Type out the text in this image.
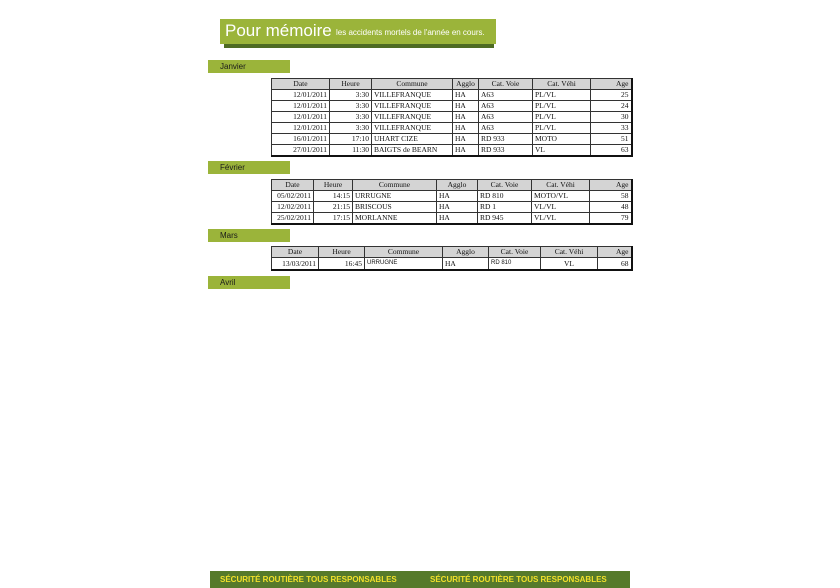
Pour mémoire les accidents mortels de l'année en cours.
Janvier
Date	Heure	Commune	Agglo	Cat. Voie	Cat. Véhi	Age
12/01/2011	3:30	VILLEFRANQUE	HA	A63	PL/VL	25
12/01/2011	3:30	VILLEFRANQUE	HA	A63	PL/VL	24
12/01/2011	3:30	VILLEFRANQUE	HA	A63	PL/VL	30
12/01/2011	3:30	VILLEFRANQUE	HA	A63	PL/VL	33
16/01/2011	17:10	UHART CIZE	HA	RD 933	MOTO	51
27/01/2011	11:30	BAIGTS de BEARN	HA	RD 933	VL	63
Février
Date	Heure	Commune	Agglo	Cat. Voie	Cat. Véhi	Age
05/02/2011	14:15	URRUGNE	HA	RD 810	MOTO/VL	58
12/02/2011	21:15	BRISCOUS	HA	RD 1	VL/VL	48
25/02/2011	17:15	MORLANNE	HA	RD 945	VL/VL	79
Mars
Date	Heure	Commune	Agglo	Cat. Voie	Cat. Véhi	Age
13/03/2011	16:45	URRUGNE	HA	RD 810	VL	68
Avril
SÉCURITÉ ROUTIÈRE TOUS RESPONSABLES	SÉCURITÉ ROUTIÈRE TOUS RESPONSABLES
